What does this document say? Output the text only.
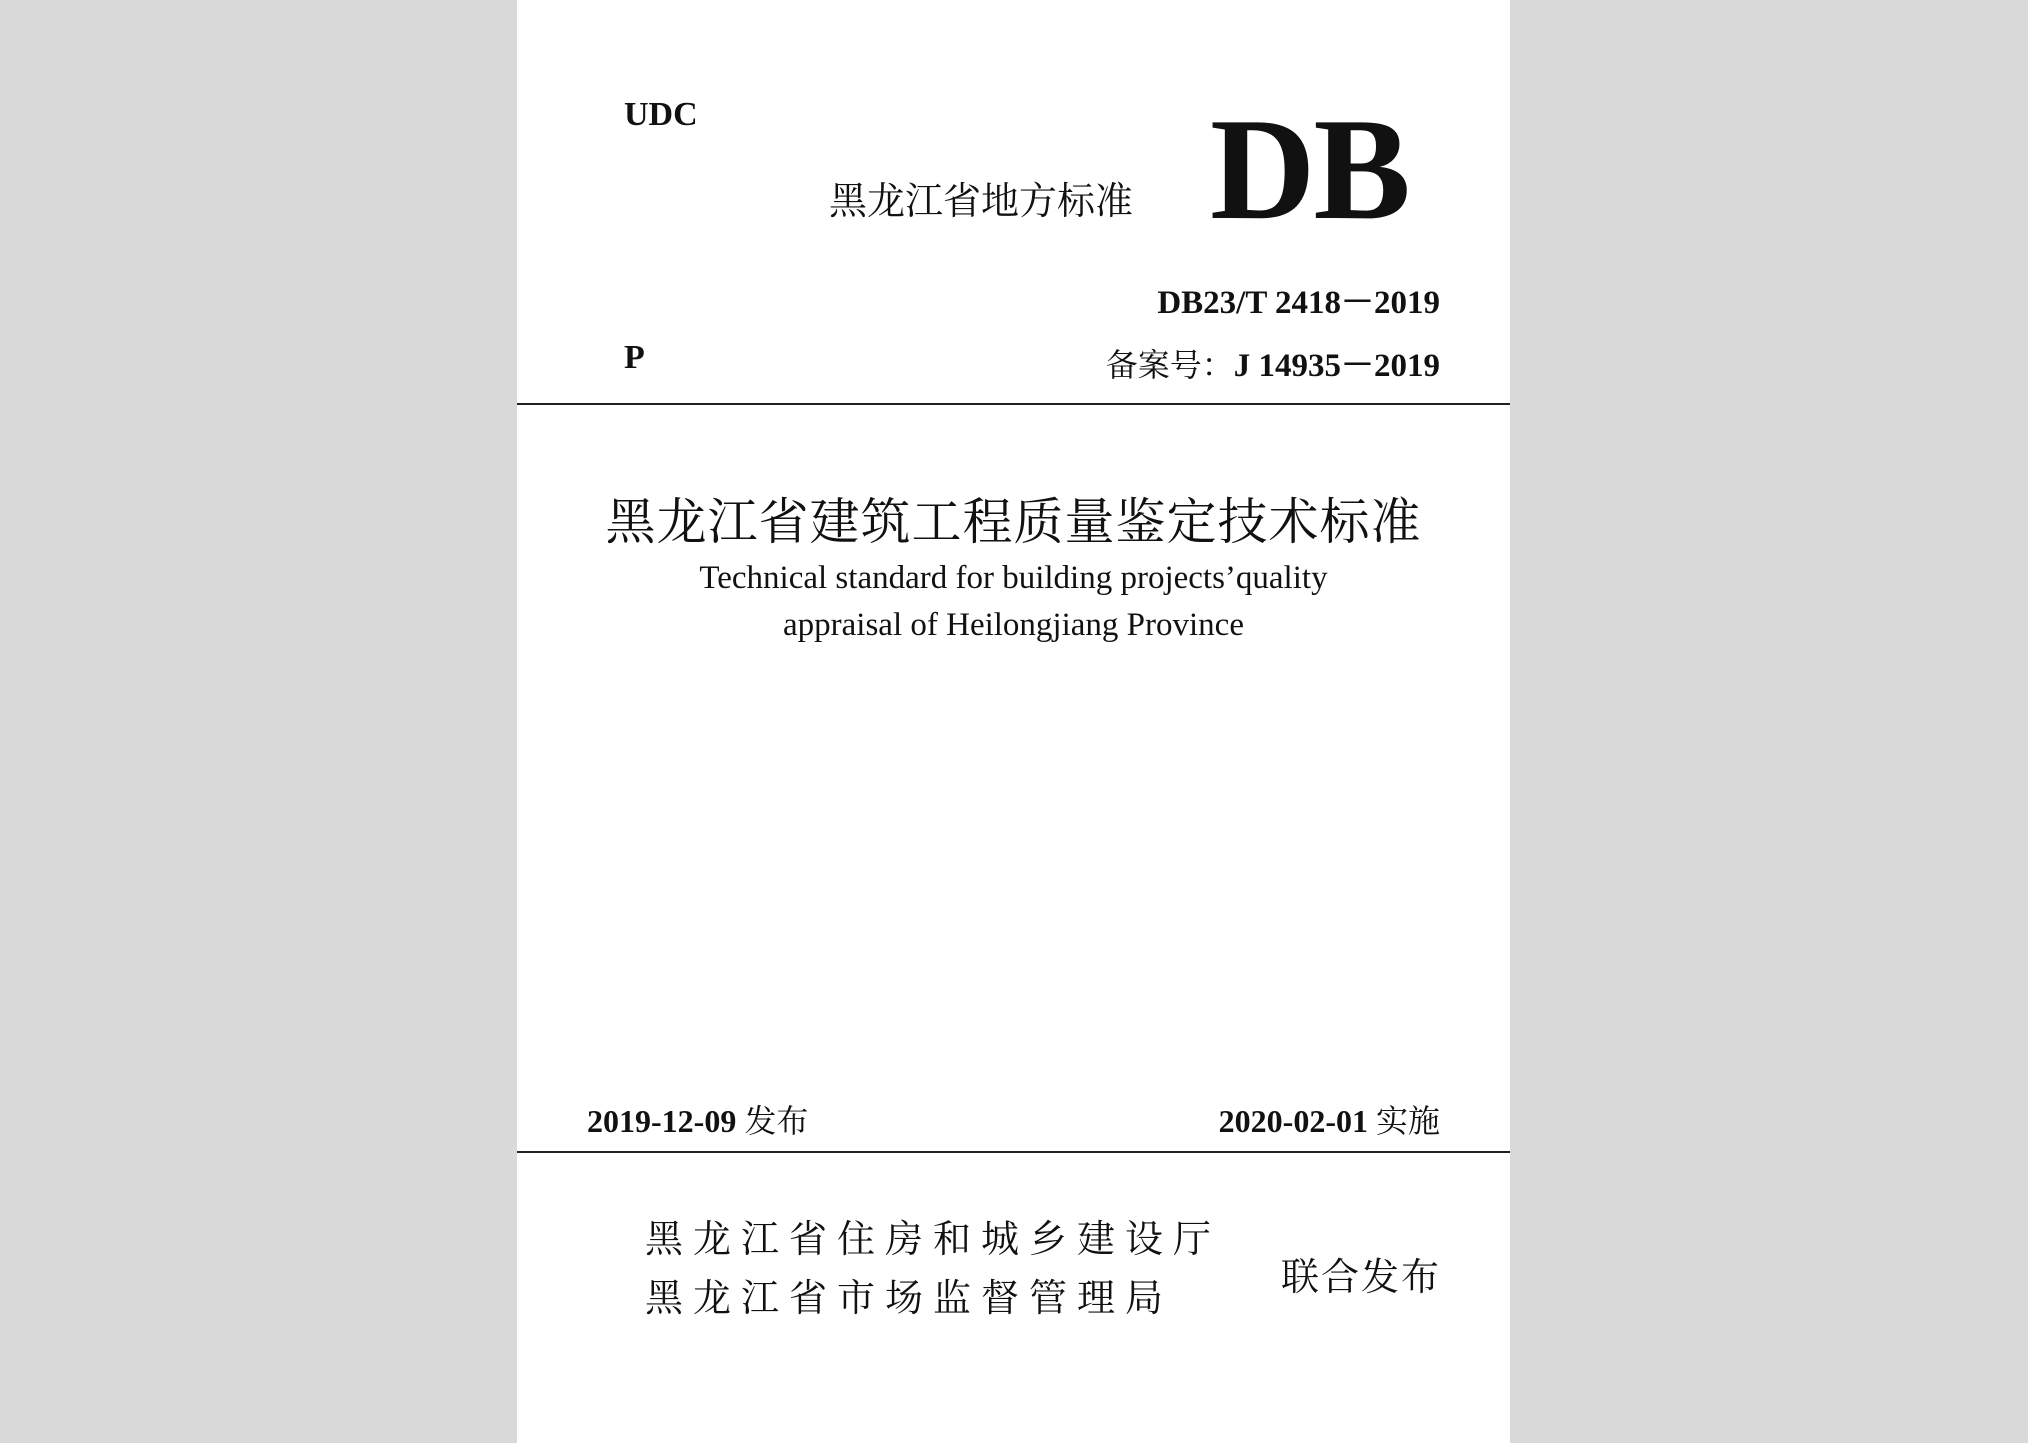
UDC
黑龙江省地方标准 DB
DB23/T 2418－2019
P	备案号：J 14935－2019
黑龙江省建筑工程质量鉴定技术标准
Technical standard for building projects’quality
appraisal of Heilongjiang Province
2019-12-09 发布	2020-02-01 实施
黑龙江省住房和城乡建设厅
黑龙江省市场监督管理局	联合发布
